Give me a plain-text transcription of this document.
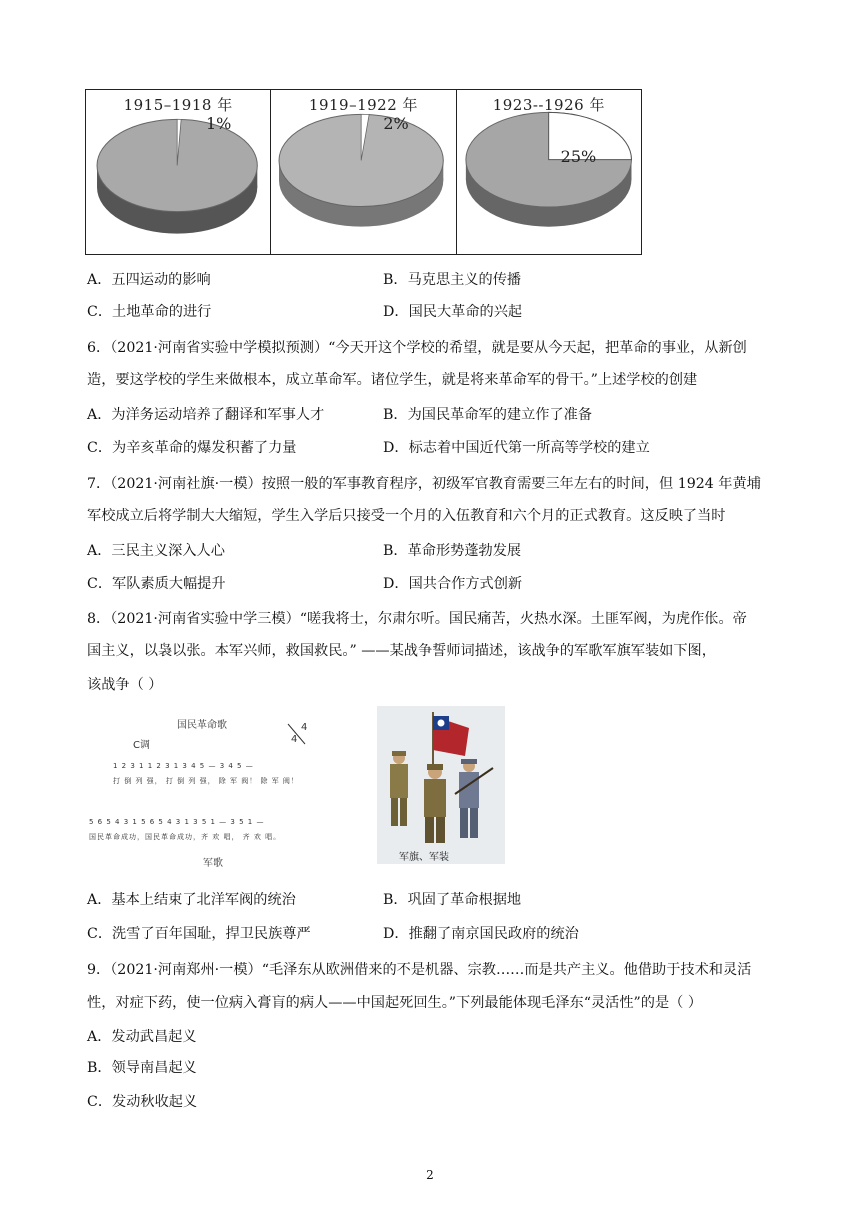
1915–1918 年
1%
1919–1922 年
2%
1923--1926 年
25%
A．五四运动的影响	B．马克思主义的传播
C．土地革命的进行	D．国民大革命的兴起
6．（2021·河南省实验中学模拟预测）“今天开这个学校的希望，就是要从今天起，把革命的事业，从新创
造，要这学校的学生来做根本，成立革命军。诸位学生，就是将来革命军的骨干。”上述学校的创建
A．为洋务运动培养了翻译和军事人才	B．为国民革命军的建立作了准备
C．为辛亥革命的爆发积蓄了力量	D．标志着中国近代第一所高等学校的建立
7．（2021·河南社旗·一模）按照一般的军事教育程序，初级军官教育需要三年左右的时间，但 1924 年黄埔
军校成立后将学制大大缩短，学生入学后只接受一个月的入伍教育和六个月的正式教育。这反映了当时
A．三民主义深入人心	B．革命形势蓬勃发展
C．军队素质大幅提升	D．国共合作方式创新
8．（2021·河南省实验中学三模）“嗟我将士，尔肃尔听。国民痛苦，火热水深。土匪军阀，为虎作伥。帝
国主义，以袅以张。本军兴师，救国救民。” ——某战争誓师词描述，该战争的军歌军旗军装如下图，
该战争（ ）
国民革命歌
C调
4
4
1 2 3 1 1 2 3 1 3 4 5 — 3 4 5 —
打 倒 列 强， 打 倒 列 强， 除 军 阀！ 除 军 阀！
5 6 5 4 3 1 5 6 5 4 3 1 3 5 1 — 3 5 1 —
国民革命成功，国民革命成功，齐 欢 唱， 齐 欢 唱。
军歌
军旗、军装
A．基本上结束了北洋军阀的统治	B．巩固了革命根据地
C．洗雪了百年国耻，捍卫民族尊严	D．推翻了南京国民政府的统治
9．（2021·河南郑州·一模）“毛泽东从欧洲借来的不是机器、宗教……而是共产主义。他借助于技术和灵活
性，对症下药，使一位病入膏肓的病人——中国起死回生。”下列最能体现毛泽东“灵活性”的是（ ）
A．发动武昌起义
B．领导南昌起义
C．发动秋收起义
2
